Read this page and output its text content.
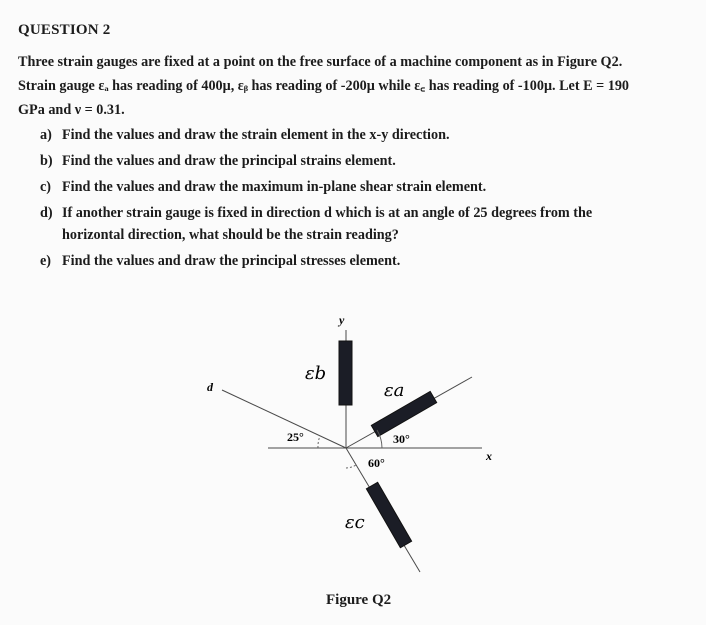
QUESTION 2
Three strain gauges are fixed at a point on the free surface of a machine component as in Figure Q2.
Strain gauge εₐ has reading of 400μ, εᵦ has reading of -200μ while ε꜀ has reading of -100μ. Let E = 190
GPa and ν = 0.31.
a) Find the values and draw the strain element in the x-y direction.
b) Find the values and draw the principal strains element.
c) Find the values and draw the maximum in-plane shear strain element.
d) If another strain gauge is fixed in direction d which is at an angle of 25 degrees from the
horizontal direction, what should be the strain reading?
e) Find the values and draw the principal stresses element.
y
x
d
εb
εa
εc
30°
60°
25°
Figure Q2
